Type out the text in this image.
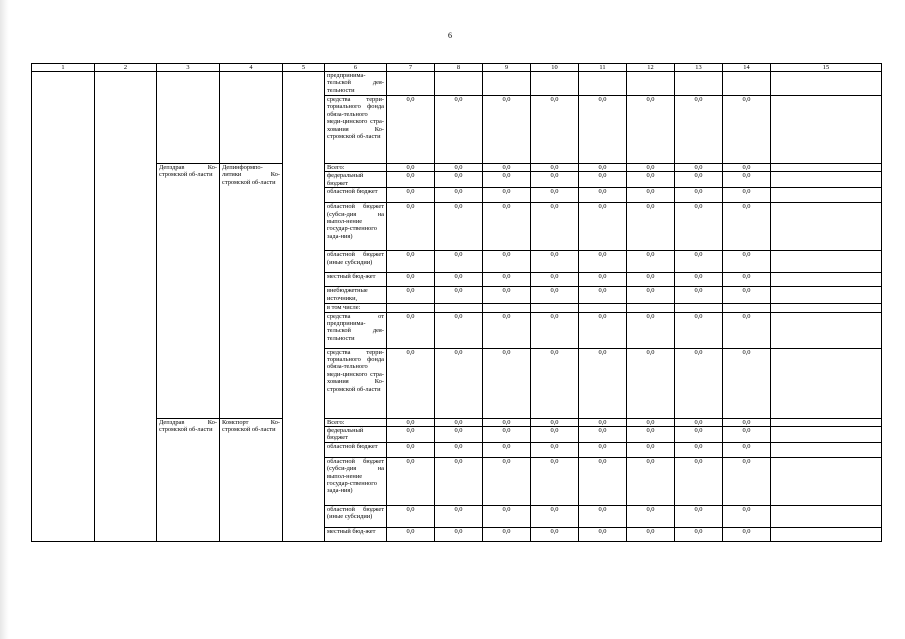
6
1	2	3	4	5	6	7	8	9	10	11	12	13	14	15
					предпринима-тельской дея-тельности									
					средства терри-ториального фонда обяза-тельного меди-цинского стра-хования Ко-стромской об-ласти	0,0	0,0	0,0	0,0	0,0	0,0	0,0	0,0	
		Депздрав Ко-стромской об-ласти	Депинформпо-литики Ко-стромской об-ласти		Всего:	0,0	0,0	0,0	0,0	0,0	0,0	0,0	0,0	
					федеральный бюджет	0,0	0,0	0,0	0,0	0,0	0,0	0,0	0,0	
					областной бюджет	0,0	0,0	0,0	0,0	0,0	0,0	0,0	0,0	
					областной бюджет (субси-дия на выпол-нение государ-ственного зада-ния)	0,0	0,0	0,0	0,0	0,0	0,0	0,0	0,0	
					областной бюджет (иные субсидии)	0,0	0,0	0,0	0,0	0,0	0,0	0,0	0,0	
					местный бюд-жет	0,0	0,0	0,0	0,0	0,0	0,0	0,0	0,0	
					внебюджетные источники,	0,0	0,0	0,0	0,0	0,0	0,0	0,0	0,0	
					в том числе:									
					средства от предпринима-тельской дея-тельности	0,0	0,0	0,0	0,0	0,0	0,0	0,0	0,0	
					средства терри-ториального фонда обяза-тельного меди-цинского стра-хования Ко-стромской об-ласти	0,0	0,0	0,0	0,0	0,0	0,0	0,0	0,0	
		Депздрав Ко-стромской об-ласти	Комспорт Ко-стромской об-ласти		Всего:	0,0	0,0	0,0	0,0	0,0	0,0	0,0	0,0	
					федеральный бюджет	0,0	0,0	0,0	0,0	0,0	0,0	0,0	0,0	
					областной бюджет	0,0	0,0	0,0	0,0	0,0	0,0	0,0	0,0	
					областной бюджет (субси-дия на выпол-нение государ-ственного зада-ния)	0,0	0,0	0,0	0,0	0,0	0,0	0,0	0,0	
					областной бюджет (иные субсидии)	0,0	0,0	0,0	0,0	0,0	0,0	0,0	0,0	
					местный бюд-жет	0,0	0,0	0,0	0,0	0,0	0,0	0,0	0,0	
